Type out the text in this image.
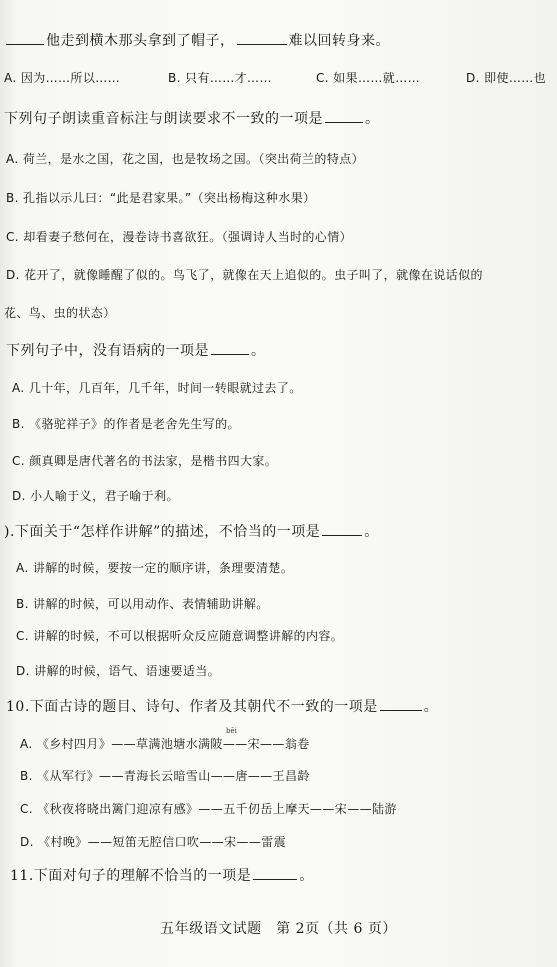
他走到横木那头拿到了帽子，	难以回转身来。
A. 因为……所以……	B. 只有……才……	C. 如果……就……	D. 即使……也
下列句子朗读重音标注与朗读要求不一致的一项是	。
A. 荷兰，是水之国，花之国，也是牧场之国。（突出荷兰的特点）
B. 孔指以示儿曰：“此是君家果。”（突出杨梅这种水果）
C. 却看妻子愁何在，漫卷诗书喜欲狂。（强调诗人当时的心情）
D. 花开了，就像睡醒了似的。鸟飞了，就像在天上追似的。虫子叫了，就像在说话似的
花、鸟、虫的状态）
下列句子中，没有语病的一项是	。
A. 几十年，几百年，几千年，时间一转眼就过去了。
B. 《骆驼祥子》的作者是老舍先生写的。
C. 颜真卿是唐代著名的书法家，是楷书四大家。
D. 小人喻于义，君子喻于利。
).下面关于“怎样作讲解”的描述，不恰当的一项是	。
A. 讲解的时候，要按一定的顺序讲，条理要清楚。
B. 讲解的时候，可以用动作、表情辅助讲解。
C. 讲解的时候，不可以根据听众反应随意调整讲解的内容。
D. 讲解的时候，语气、语速要适当。
10.下面古诗的题目、诗句、作者及其朝代不一致的一项是	。
bēi
A. 《乡村四月》——草满池塘水满陂——宋——翁卷
B. 《从军行》——青海长云暗雪山——唐——王昌龄
C. 《秋夜将晓出篱门迎凉有感》——五千仞岳上摩天——宋——陆游
D. 《村晚》——短笛无腔信口吹——宋——雷震
11.下面对句子的理解不恰当的一项是	。
五年级语文试题　第 2页（共 6 页）
